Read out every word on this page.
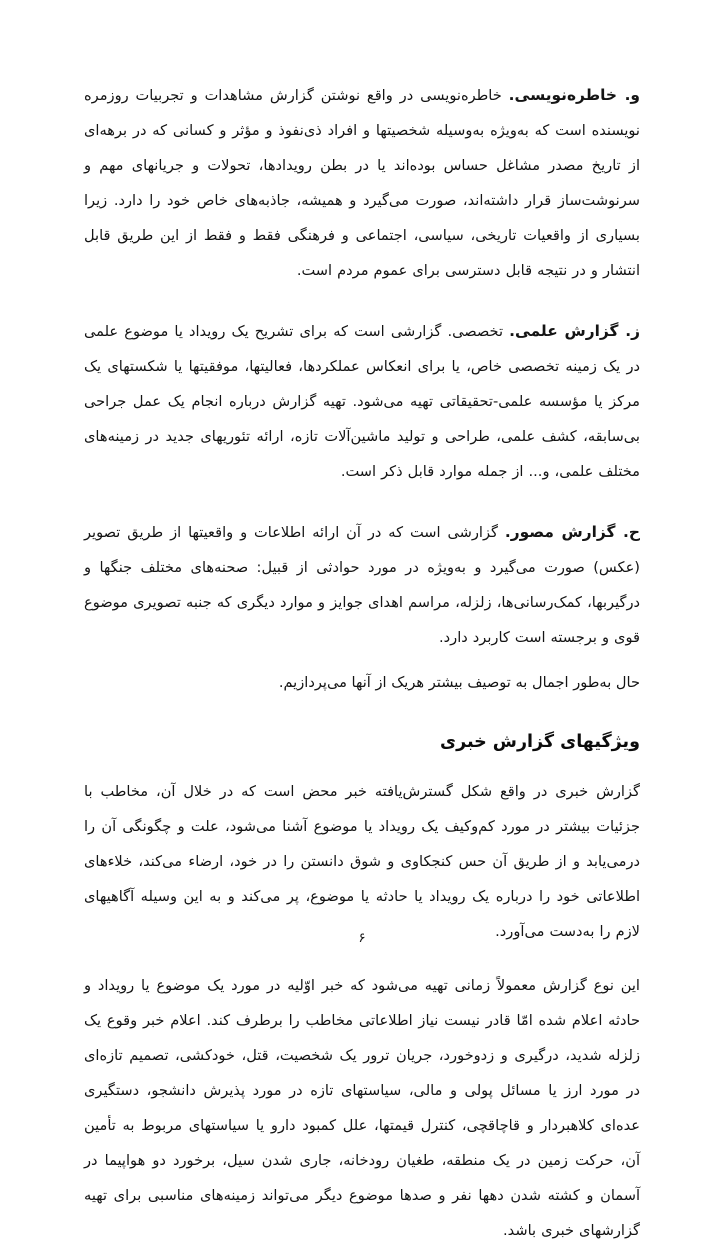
و. خاطره‌نویسی. خاطره‌نویسی در واقع نوشتن گزارش مشاهدات و تجربیات روزمره نویسنده است که به‌ویژه به‌وسیله شخصیتها و افراد ذی‌نفوذ و مؤثر و کسانی که در برهه‌ای از تاریخ مصدر مشاغل حساس بوده‌اند یا در بطن رویدادها، تحولات و جریانهای مهم و سرنوشت‌ساز قرار داشته‌اند، صورت می‌گیرد و همیشه، جاذبه‌های خاص خود را دارد. زیرا بسیاری از واقعیات تاریخی، سیاسی، اجتماعی و فرهنگی فقط و فقط از این طریق قابل انتشار و در نتیجه قابل دسترسی برای عموم مردم است.

ز. گزارش علمی. تخصصی. گزارشی است که برای تشریح یک رویداد یا موضوع علمی در یک زمینه تخصصی خاص، یا برای انعکاس عملکردها، فعالیتها، موفقیتها یا شکستهای یک مرکز یا مؤسسه علمی-تحقیقاتی تهیه می‌شود. تهیه گزارش درباره انجام یک عمل جراحی بی‌سابقه، کشف علمی، طراحی و تولید ماشین‌آلات تازه، ارائه تئوریهای جدید در زمینه‌های مختلف علمی، و... از جمله موارد قابل ذکر است.

ح. گزارش مصور. گزارشی است که در آن ارائه اطلاعات و واقعیتها از طریق تصویر (عکس) صورت می‌گیرد و به‌ویژه در مورد حوادثی از قبیل: صحنه‌های مختلف جنگها و درگیربها، کمک‌رسانی‌ها، زلزله، مراسم اهدای جوایز و موارد دیگری که جنبه تصویری موضوع قوی و برجسته است کاربرد دارد.

حال به‌طور اجمال به توصیف بیشتر هریک از آنها می‌پردازیم.

ویژگیهای گزارش خبری

گزارش خبری در واقع شکل گسترش‌یافته خبر محض است که در خلال آن، مخاطب با جزئیات بیشتر در مورد کم‌وکیف یک رویداد یا موضوع آشنا می‌شود، علت و چگونگی آن را درمی‌یابد و از طریق آن حس کنجکاوی و شوق دانستن را در خود، ارضاء می‌کند، خلاءهای اطلاعاتی خود را درباره یک رویداد یا حادثه یا موضوع، پر می‌کند و به این وسیله آگاهیهای لازم را به‌دست می‌آورد.

این نوع گزارش معمولاً زمانی تهیه می‌شود که خبر اوّلیه در مورد یک موضوع یا رویداد و حادثه اعلام شده امّا قادر نیست نیاز اطلاعاتی مخاطب را برطرف کند. اعلام خبر وقوع یک زلزله شدید، درگیری و زدوخورد، جریان ترور یک شخصیت، قتل، خودکشی، تصمیم تازه‌ای در مورد ارز یا مسائل پولی و مالی، سیاستهای تازه در مورد پذیرش دانشجو، دستگیری عده‌ای کلاهبردار و قاچاقچی، کنترل قیمتها، علل کمبود دارو یا سیاستهای مربوط به تأمین آن، حرکت زمین در یک منطقه، طغیان رودخانه، جاری شدن سیل، برخورد دو هواپیما در آسمان و کشته شدن دهها نفر و صدها موضوع دیگر می‌تواند زمینه‌های مناسبی برای تهیه گزارشهای خبری باشد.

۶
